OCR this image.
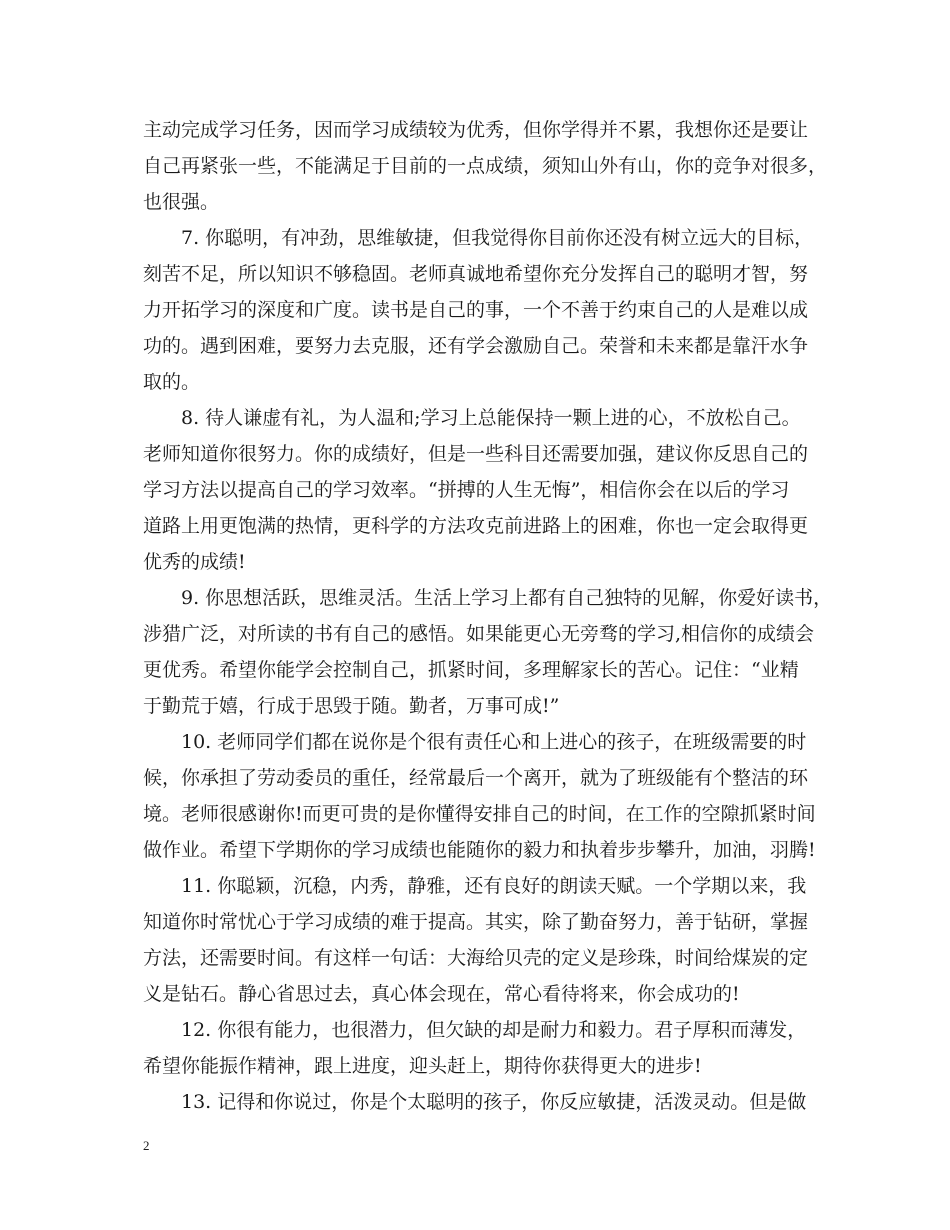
主动完成学习任务，因而学习成绩较为优秀，但你学得并不累，我想你还是要让
自己再紧张一些，不能满足于目前的一点成绩，须知山外有山，你的竞争对很多，
也很强。
7. 你聪明，有冲劲，思维敏捷，但我觉得你目前你还没有树立远大的目标，
刻苦不足，所以知识不够稳固。老师真诚地希望你充分发挥自己的聪明才智，努
力开拓学习的深度和广度。读书是自己的事，一个不善于约束自己的人是难以成
功的。遇到困难，要努力去克服，还有学会激励自己。荣誉和未来都是靠汗水争
取的。
8. 待人谦虚有礼，为人温和;学习上总能保持一颗上进的心，不放松自己。
老师知道你很努力。你的成绩好，但是一些科目还需要加强，建议你反思自己的
学习方法以提高自己的学习效率。“拼搏的人生无悔”，相信你会在以后的学习
道路上用更饱满的热情，更科学的方法攻克前进路上的困难，你也一定会取得更
优秀的成绩!
9. 你思想活跃，思维灵活。生活上学习上都有自己独特的见解，你爱好读书，
涉猎广泛，对所读的书有自己的感悟。如果能更心无旁骛的学习,相信你的成绩会
更优秀。希望你能学会控制自己，抓紧时间，多理解家长的苦心。记住：“业精
于勤荒于嬉，行成于思毁于随。勤者，万事可成!”
10. 老师同学们都在说你是个很有责任心和上进心的孩子，在班级需要的时
候，你承担了劳动委员的重任，经常最后一个离开，就为了班级能有个整洁的环
境。老师很感谢你!而更可贵的是你懂得安排自己的时间，在工作的空隙抓紧时间
做作业。希望下学期你的学习成绩也能随你的毅力和执着步步攀升，加油，羽腾!
11. 你聪颖，沉稳，内秀，静雅，还有良好的朗读天赋。一个学期以来，我
知道你时常忧心于学习成绩的难于提高。其实，除了勤奋努力，善于钻研，掌握
方法，还需要时间。有这样一句话：大海给贝壳的定义是珍珠，时间给煤炭的定
义是钻石。静心省思过去，真心体会现在，常心看待将来，你会成功的!
12. 你很有能力，也很潜力，但欠缺的却是耐力和毅力。君子厚积而薄发，
希望你能振作精神，跟上进度，迎头赶上，期待你获得更大的进步!
13. 记得和你说过，你是个太聪明的孩子，你反应敏捷，活泼灵动。但是做
2
